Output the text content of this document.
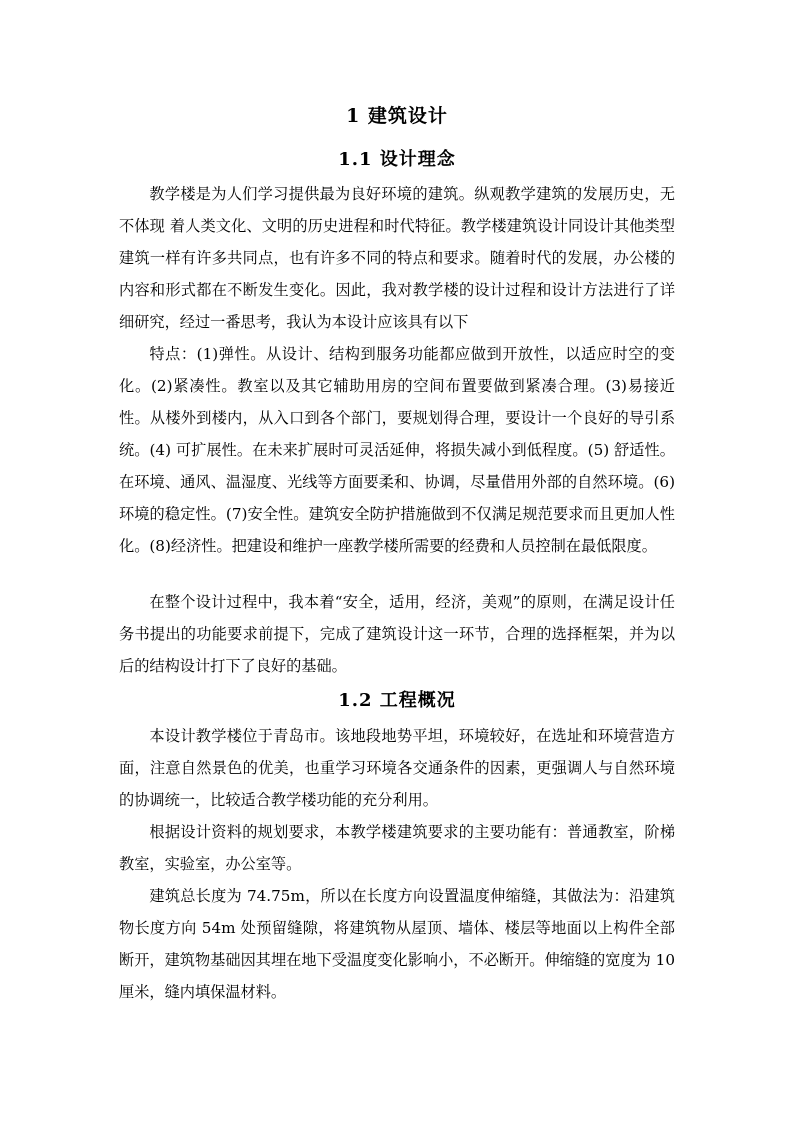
1 建筑设计
1.1 设计理念

教学楼是为人们学习提供最为良好环境的建筑。纵观教学建筑的发展历史，无不体现 着人类文化、文明的历史进程和时代特征。教学楼建筑设计同设计其他类型建筑一样有许多共同点，也有许多不同的特点和要求。随着时代的发展，办公楼的内容和形式都在不断发生变化。因此，我对教学楼的设计过程和设计方法进行了详细研究，经过一番思考，我认为本设计应该具有以下

特点：(1)弹性。从设计、结构到服务功能都应做到开放性，以适应时空的变化。(2)紧凑性。教室以及其它辅助用房的空间布置要做到紧凑合理。(3)易接近性。从楼外到楼内，从入口到各个部门，要规划得合理，要设计一个良好的导引系统。(4) 可扩展性。在未来扩展时可灵活延伸，将损失减小到低程度。(5) 舒适性。在环境、通风、温湿度、光线等方面要柔和、协调，尽量借用外部的自然环境。(6)环境的稳定性。(7)安全性。建筑安全防护措施做到不仅满足规范要求而且更加人性化。(8)经济性。把建设和维护一座教学楼所需要的经费和人员控制在最低限度。

在整个设计过程中，我本着“安全，适用，经济，美观”的原则，在满足设计任务书提出的功能要求前提下，完成了建筑设计这一环节，合理的选择框架，并为以后的结构设计打下了良好的基础。

1.2 工程概况

本设计教学楼位于青岛市。该地段地势平坦，环境较好，在选址和环境营造方面，注意自然景色的优美，也重学习环境各交通条件的因素，更强调人与自然环境的协调统一，比较适合教学楼功能的充分利用。

根据设计资料的规划要求，本教学楼建筑要求的主要功能有：普通教室，阶梯教室，实验室，办公室等。

建筑总长度为 74.75m，所以在长度方向设置温度伸缩缝，其做法为：沿建筑物长度方向 54m 处预留缝隙，将建筑物从屋顶、墙体、楼层等地面以上构件全部断开，建筑物基础因其埋在地下受温度变化影响小，不必断开。伸缩缝的宽度为 10 厘米，缝内填保温材料。
